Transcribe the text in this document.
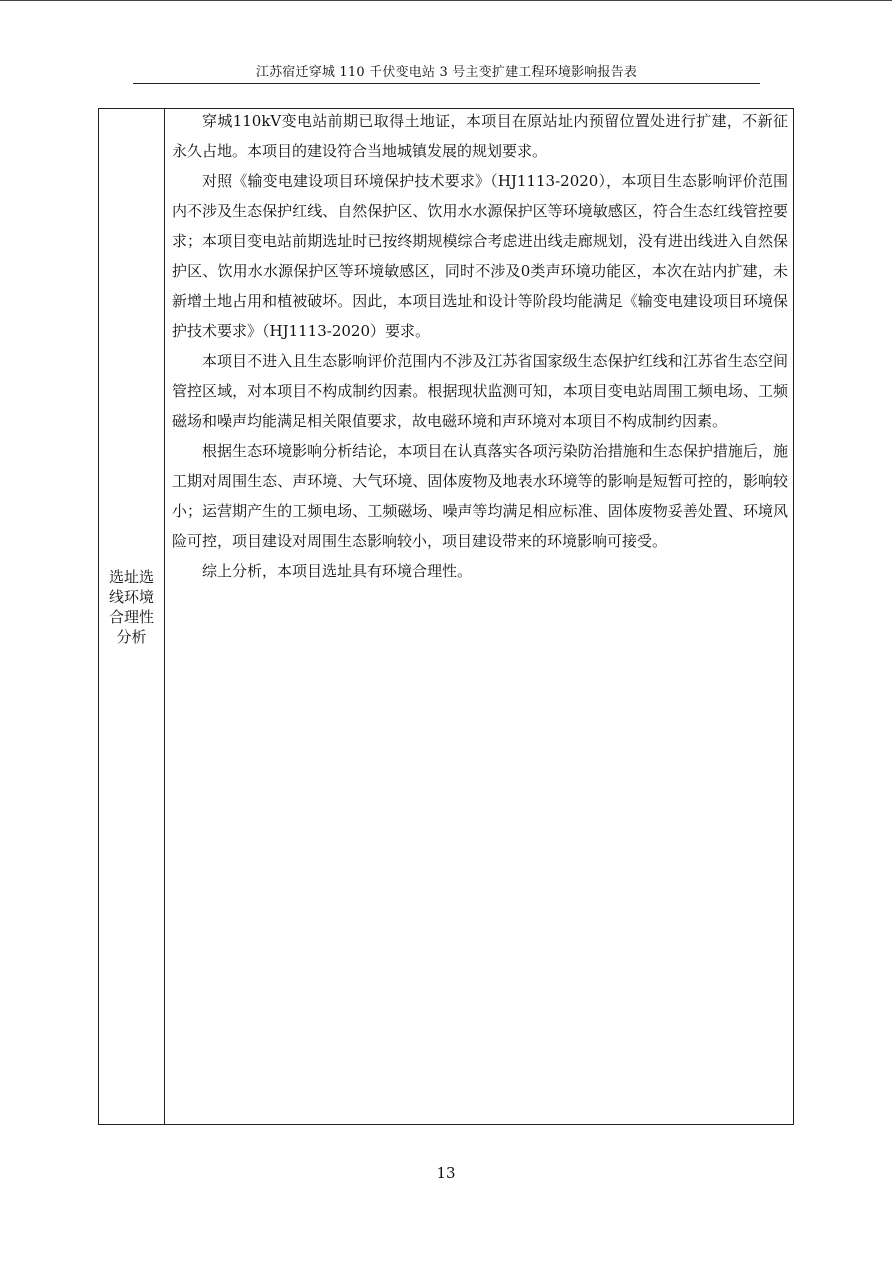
江苏宿迁穿城 110 千伏变电站 3 号主变扩建工程环境影响报告表
选址选线环境合理性分析

穿城110kV变电站前期已取得土地证，本项目在原站址内预留位置处进行扩建，不新征永久占地。本项目的建设符合当地城镇发展的规划要求。

对照《输变电建设项目环境保护技术要求》（HJ1113-2020），本项目生态影响评价范围内不涉及生态保护红线、自然保护区、饮用水水源保护区等环境敏感区，符合生态红线管控要求；本项目变电站前期选址时已按终期规模综合考虑进出线走廊规划，没有进出线进入自然保护区、饮用水水源保护区等环境敏感区，同时不涉及0类声环境功能区，本次在站内扩建，未新增土地占用和植被破坏。因此，本项目选址和设计等阶段均能满足《输变电建设项目环境保护技术要求》（HJ1113-2020）要求。

本项目不进入且生态影响评价范围内不涉及江苏省国家级生态保护红线和江苏省生态空间管控区域，对本项目不构成制约因素。根据现状监测可知，本项目变电站周围工频电场、工频磁场和噪声均能满足相关限值要求，故电磁环境和声环境对本项目不构成制约因素。

根据生态环境影响分析结论，本项目在认真落实各项污染防治措施和生态保护措施后，施工期对周围生态、声环境、大气环境、固体废物及地表水环境等的影响是短暂可控的，影响较小；运营期产生的工频电场、工频磁场、噪声等均满足相应标准、固体废物妥善处置、环境风险可控，项目建设对周围生态影响较小，项目建设带来的环境影响可接受。

综上分析，本项目选址具有环境合理性。

13
